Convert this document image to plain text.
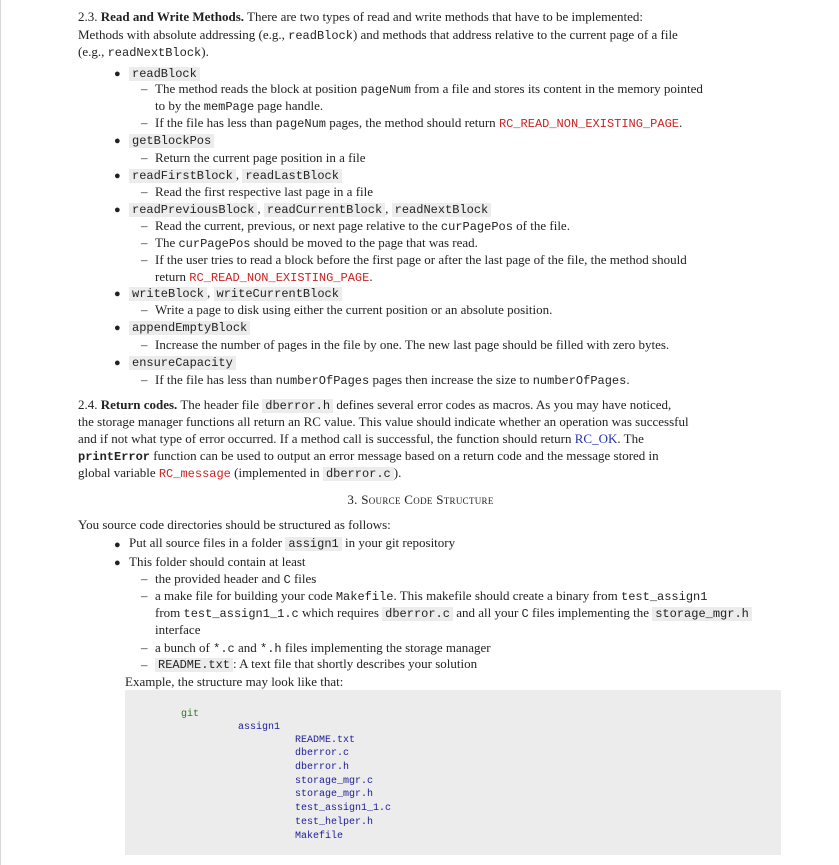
2.3. Read and Write Methods. There are two types of read and write methods that have to be implemented:
Methods with absolute addressing (e.g., readBlock) and methods that address relative to the current page of a file
(e.g., readNextBlock).
● readBlock
– The method reads the block at position pageNum from a file and stores its content in the memory pointed
to by the memPage page handle.
– If the file has less than pageNum pages, the method should return RC_READ_NON_EXISTING_PAGE.
● getBlockPos
– Return the current page position in a file
● readFirstBlock , readLastBlock
– Read the first respective last page in a file
● readPreviousBlock , readCurrentBlock , readNextBlock
– Read the current, previous, or next page relative to the curPagePos of the file.
– The curPagePos should be moved to the page that was read.
– If the user tries to read a block before the first page or after the last page of the file, the method should
return RC_READ_NON_EXISTING_PAGE.
● writeBlock , writeCurrentBlock
– Write a page to disk using either the current position or an absolute position.
● appendEmptyBlock
– Increase the number of pages in the file by one. The new last page should be filled with zero bytes.
● ensureCapacity
– If the file has less than numberOfPages pages then increase the size to numberOfPages.
2.4. Return codes. The header file dberror.h defines several error codes as macros. As you may have noticed,
the storage manager functions all return an RC value. This value should indicate whether an operation was successful
and if not what type of error occurred. If a method call is successful, the function should return RC_OK. The
printError function can be used to output an error message based on a return code and the message stored in
global variable RC_message (implemented in dberror.c ).
3. Source Code Structure
You source code directories should be structured as follows:
● Put all source files in a folder assign1 in your git repository
● This folder should contain at least
– the provided header and C files
– a make file for building your code Makefile. This makefile should create a binary from test_assign1
from test_assign1_1.c which requires dberror.c and all your C files implementing the storage_mgr.h
interface
– a bunch of *.c and *.h files implementing the storage manager
– README.txt : A text file that shortly describes your solution
Example, the structure may look like that:
git
assign1
README.txt
dberror.c
dberror.h
storage_mgr.c
storage_mgr.h
test_assign1_1.c
test_helper.h
Makefile
